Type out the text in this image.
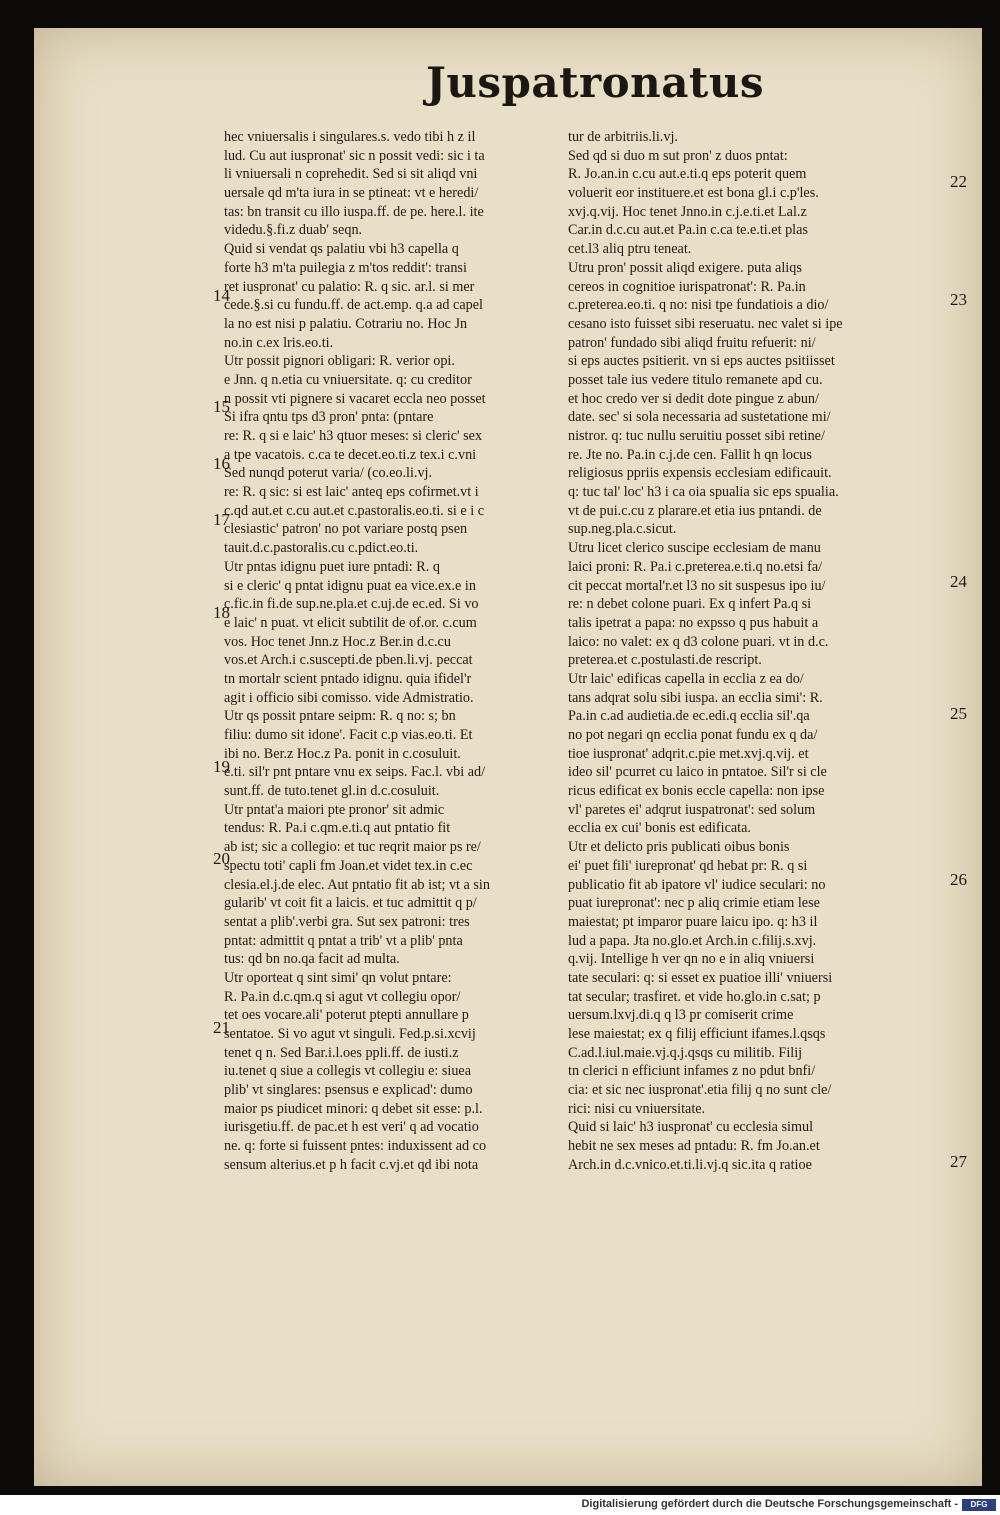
Juspatronatus

hec vniuersalis i singulares.s. vedo tibi h z il

lud. Cu aut iuspronat' sic n possit vedi: sic i ta

li vniuersali n coprehedit. Sed si sit aliqd vni

uersale qd m'ta iura in se ptineat: vt e heredi/

tas: bn transit cu illo iuspa.ff. de pe. here.l. ite

videdu.§.fi.z duab' seqn.

Quid si vendat qs palatiu vbi h3 capella q

forte h3 m'ta puilegia z m'tos reddit': transi

ret iuspronat' cu palatio: R. q sic. ar.l. si mer

cede.§.si cu fundu.ff. de act.emp. q.a ad capel

la no est nisi p palatiu. Cotrariu no. Hoc Jn

no.in c.ex lris.eo.ti.

Utr possit pignori obligari: R. verior opi.

e Jnn. q n.etia cu vniuersitate. q: cu creditor

n possit vti pignere si vacaret eccla neo posset

Si ifra qntu tps d3 pron' pnta: (pntare

re: R. q si e laic' h3 qtuor meses: si cleric' sex

a tpe vacatois. c.ca te decet.eo.ti.z tex.i c.vni

Sed nunqd poterut varia/ (co.eo.li.vj.

re: R. q sic: si est laic' anteq eps cofirmet.vt i

c.qd aut.et c.cu aut.et c.pastoralis.eo.ti. si e i c

clesiastic' patron' no pot variare postq psen

tauit.d.c.pastoralis.cu c.pdict.eo.ti.

Utr pntas idignu puet iure pntadi: R. q

si e cleric' q pntat idignu puat ea vice.ex.e in

c.fic.in fi.de sup.ne.pla.et c.uj.de ec.ed. Si vo

e laic' n puat. vt elicit subtilit de of.or. c.cum

vos. Hoc tenet Jnn.z Hoc.z Ber.in d.c.cu

vos.et Arch.i c.suscepti.de pben.li.vj. peccat

tn mortalr scient pntado idignu. quia ifidel'r

agit i officio sibi comisso. vide Admistratio.

Utr qs possit pntare seipm: R. q no: s; bn

filiu: dumo sit idone'. Facit c.p vias.eo.ti. Et

ibi no. Ber.z Hoc.z Pa. ponit in c.cosuluit.

e.ti. sil'r pnt pntare vnu ex seips. Fac.l. vbi ad/

sunt.ff. de tuto.tenet gl.in d.c.cosuluit.

Utr pntat'a maiori pte pronor' sit admic

tendus: R. Pa.i c.qm.e.ti.q aut pntatio fit

ab ist; sic a collegio: et tuc reqrit maior ps re/

spectu toti' capli fm Joan.et videt tex.in c.ec

clesia.el.j.de elec. Aut pntatio fit ab ist; vt a sin

gularib' vt coit fit a laicis. et tuc admittit q p/

sentat a plib'.verbi gra. Sut sex patroni: tres

pntat: admittit q pntat a trib' vt a plib' pnta

tus: qd bn no.qa facit ad multa.

Utr oporteat q sint simi' qn volut pntare:

R. Pa.in d.c.qm.q si agut vt collegiu opor/

tet oes vocare.ali' poterut ptepti annullare p

sentatoe. Si vo agut vt singuli. Fed.p.si.xcvij

tenet q n. Sed Bar.i.l.oes ppli.ff. de iusti.z

iu.tenet q siue a collegis vt collegiu e: siuea

plib' vt singlares: psensus e explicad': dumo

maior ps piudicet minori: q debet sit esse: p.l.

iurisgetiu.ff. de pac.et h est veri' q ad vocatio

ne. q: forte si fuissent pntes: induxissent ad co

sensum alterius.et p h facit c.vj.et qd ibi nota

tur de arbitriis.li.vj.

Sed qd si duo m sut pron' z duos pntat:

R. Jo.an.in c.cu aut.e.ti.q eps poterit quem

voluerit eor instituere.et est bona gl.i c.p'les.

xvj.q.vij. Hoc tenet Jnno.in c.j.e.ti.et Lal.z

Car.in d.c.cu aut.et Pa.in c.ca te.e.ti.et plas

cet.l3 aliq ptru teneat.

Utru pron' possit aliqd exigere. puta aliqs

cereos in cognitioe iurispatronat': R. Pa.in

c.preterea.eo.ti. q no: nisi tpe fundatiois a dio/

cesano isto fuisset sibi reseruatu. nec valet si ipe

patron' fundado sibi aliqd fruitu refuerit: ni/

si eps auctes psitierit. vn si eps auctes psitiisset

posset tale ius vedere titulo remanete apd cu.

et hoc credo ver si dedit dote pingue z abun/

date. sec' si sola necessaria ad sustetatione mi/

nistror. q: tuc nullu seruitiu posset sibi retine/

re. Jte no. Pa.in c.j.de cen. Fallit h qn locus

religiosus ppriis expensis ecclesiam edificauit.

q: tuc tal' loc' h3 i ca oia spualia sic eps spualia.

vt de pui.c.cu z plarare.et etia ius pntandi. de

sup.neg.pla.c.sicut.

Utru licet clerico suscipe ecclesiam de manu

laici proni: R. Pa.i c.preterea.e.ti.q no.etsi fa/

cit peccat mortal'r.et l3 no sit suspesus ipo iu/

re: n debet colone puari. Ex q infert Pa.q si

talis ipetrat a papa: no expsso q pus habuit a

laico: no valet: ex q d3 colone puari. vt in d.c.

preterea.et c.postulasti.de rescript.

Utr laic' edificas capella in ecclia z ea do/

tans adqrat solu sibi iuspa. an ecclia simi': R.

Pa.in c.ad audietia.de ec.edi.q ecclia sil'.qa

no pot negari qn ecclia ponat fundu ex q da/

tioe iuspronat' adqrit.c.pie met.xvj.q.vij. et

ideo sil' pcurret cu laico in pntatoe. Sil'r si cle

ricus edificat ex bonis eccle capella: non ipse

vl' paretes ei' adqrut iuspatronat': sed solum

ecclia ex cui' bonis est edificata.

Utr et delicto pris publicati oibus bonis

ei' puet fili' iurepronat' qd hebat pr: R. q si

publicatio fit ab ipatore vl' iudice seculari: no

puat iurepronat': nec p aliq crimie etiam lese

maiestat; pt imparor puare laicu ipo. q: h3 il

lud a papa. Jta no.glo.et Arch.in c.filij.s.xvj.

q.vij. Intellige h ver qn no e in aliq vniuersi

tate seculari: q: si esset ex puatioe illi' vniuersi

tat secular; trasfiret. et vide ho.glo.in c.sat; p

uersum.lxvj.di.q q l3 pr comiserit crime

lese maiestat; ex q filij efficiunt ifames.l.qsqs

C.ad.l.iul.maie.vj.q.j.qsqs cu militib. Filij

tn clerici n efficiunt infames z no pdut bnfi/

cia: et sic nec iuspronat'.etia filij q no sunt cle/

rici: nisi cu vniuersitate.

Quid si laic' h3 iuspronat' cu ecclesia simul

hebit ne sex meses ad pntadu: R. fm Jo.an.et

Arch.in d.c.vnico.et.ti.li.vj.q sic.ita q ratioe

14
15
16
17
18
19
20
21
22
23
24
25
26
27
Digitalisierung gefördert durch die Deutsche Forschungsgemeinschaft -	DFG
